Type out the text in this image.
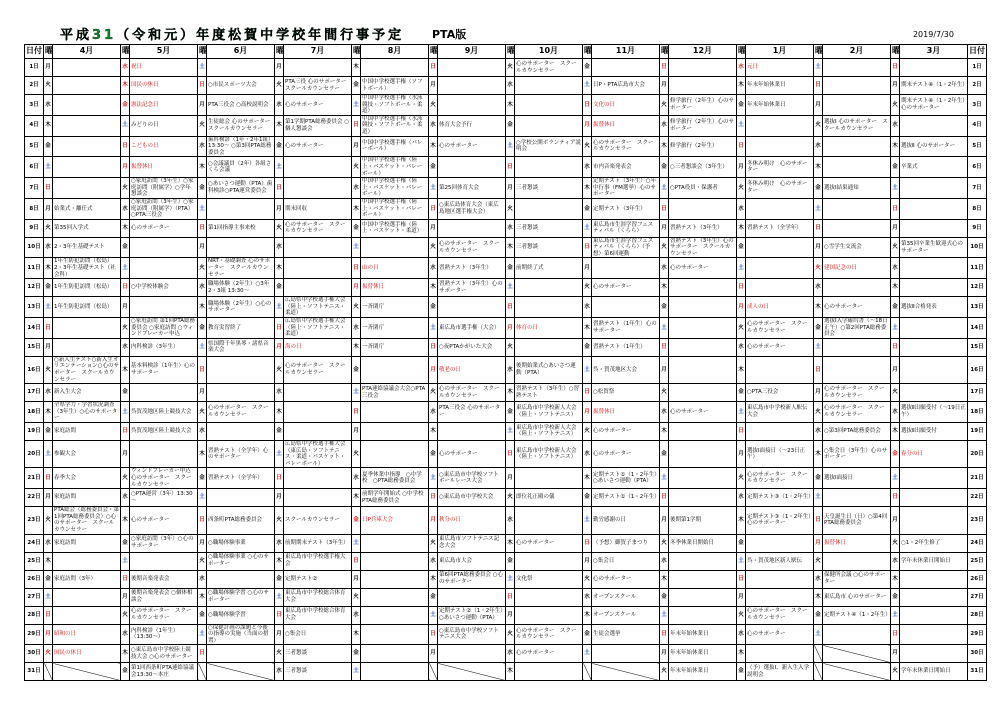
平成31（令和元）年度松賀中学校年間行事予定	PTA版	2019/7/30
日付	曜	4月	曜	5月	曜	6月	曜	7月	曜	8月	曜	9月	曜	10月	曜	11月	曜	12月	曜	1月	曜	2月	曜	3月	日付
1日	月		水	祝日	土		月		木		日		火	心のサポーター　スクールカウンセラー	金		日		水	元日	土		日		1日
2日	火		木	国民の休日	日	○市民スポーツ大会	火	PTA三役 心のサポーター　スクールカウンセラー	金	中国中学校選手権（ソフトボール）	月		水		土	日P・PTA広島市大会	月		木	年末年始休業日	日		月	期末テスト④（1・2年生）	2日
3日	水		金	憲法記念日	月	PTA三役会 ○高校説明会	水	心のサポーター	土	中国中学校選手権（水泳競技・ソフトボール・柔道）	火		木		日	文化の日	火	修学旅行（2年生）心のサポーター	金	年末年始休業日	月		火	期末テスト④（1・2年生）心のサポーター	3日
4日	木		土	みどりの日	火	生徒総会 心のサポーター　スクールカウンセラー	木	第1学期PTA総務委員会 ○個人懇談会	日	中国中学校選手権（水泳競技・ソフトボール・柔道）	水	体育大会予行	金		月	振替休日	水	修学旅行（2年生）心のサポーター	土		火	選抜Ⅰ 心のサポーター　スクールカウンセラー	水		4日
5日	金		日	こどもの日	水	歯科検診（1年・2年1組）13:30～ ○第3回PTA総務委員会	金	心のサポーター	月	中国中学校選手権（バレーボール）	木	心のサポーター	土	○学校公開ボランティア説明会	火	心のサポーター　スクールカウンセラー	木	修学旅行（2年生）	日		水		木	選抜Ⅱ 心のサポーター	5日
6日	土		月	振替休日	木	○会議議員（2年）各組さくら会議	土		火	中国中学校選手権（陸上・バスケット・バレーボール）	金		日		水	市内音楽発表会	金	○三者懇談会（3年生）	月	冬休み明け　心のサポーター	木		金	卒業式	6日
7日	日		火	○家庭訪問（3年生）○家庭訪問（附属学）○学年懇談会	金	○あいさつ運動（PTA）歯科検診○PTA運営委員会	日		水	中国中学校選手権（陸上・バスケット・バレーボール）	土	第25回体育大会	月	三者懇談	木	定期テスト（3年生）○年中行事（FM選挙）心のサポーター	土	○PTA役員・保護者	火	冬休み明け　心のサポーター	金	選抜Ⅰ結果通知	土		7日
8日	月	始業式・離任式	水	○家庭訪問（3年生）○家庭訪問（附属学）（PTA）○PTA三役会	土		月	期末回収	木	中国中学校選手権（陸上・バスケット・バレーボール）	日	○東広島体育大会（東広島地区選手権大会）	火		金	定期テスト（3年生）	日		水		土		日		8日
9日	火	第35回入学式	木	心のサポーター	日	第1回指導主事来校	火	心のサポーター　スクールカウンセラー	金	中国中学校選手権（陸上・バスケット・柔道）	月		水	三者懇談	土	東広島市生涯学習フェスティバル（くらら）	月	習熟テスト（3年生）	木	習熟テスト（全学年）	日		月		9日
10日	水	2・3年生基礎テスト	金		月		水		土		火	心のサポーター　スクールカウンセラー	木	三者懇談	日	東広島市生涯学習フェスティバル（くらら）（予想）第6回運動	火	習熟テスト（3年生）心のサポーター　スクールカウンセラー	金		月	○雪学生交流会	火	第35回卒業生歓迎式心のサポーター	10日
11日	木	1年生防犯訪問（松島）2・3年生基礎テスト（社会科）	土		火	NRT・基礎調査 心のサポーター　スクールカウンセラー	木		日	山の日	水	習熟テスト（3年生）	金	前期終了式	月		水	心のサポーター	土		火	建国記念の日	水		11日
12日	金	1年生防犯訪問（松島）	日	○中学校体験会	水	職場体験（2年生）○3年2・3組 13:30～	金		月	振替休日	木	習熟テスト（3年生）心のサポーター	土		火	心のサポーター	木		日		水		木		12日
13日	土	1年生防犯訪問（松島）	月		木	職場体験（2年生）○心のサポーター	土	広島県中学校選手権大会（陸上・ソフトテニス・柔道）	火	一斉閉庁	金		日		水		金		月	成人の日	木	心のサポーター	金	選抜Ⅱ合格発表	13日
14日	日		火	○家庭訪問 第1回PTA総務委員会 ○家庭訪問 ○ウィンドブレーカー申込	金	教育実習終了	日	広島県中学校選手権大会（陸上・ソフトテニス・柔道）	水	一斉閉庁	土	東広島市選手権（大会）	月	体育の日	木	習熟テスト（1年生）心のサポーター	土		火	心のサポーター　スクールカウンセラー	金	選抜Ⅰ入学確約書（〜18日正午）○第2回PTA総務委員会	土		14日
15日	月		水	内科検診（3年生）	土	県国際千年黒琴・諸県音楽大会	月	海の日	木	一斉閉庁	日	○夜PTAかがいた大会	火		金	習熟テスト（1年生）	日		水	心のサポーター	土		日		15日
16日	火	○新入生テスト○新入生オリエンテーション○心のサポーター　スクールカウンセラー	木	基本料検診（1年生）心のサポーター	日		火	心のサポーター　スクールカウンセラー	金		月	敬老の日	水	後期始業式○あいさつ運動（PTA）	土	呉・賀茂地区大会	月		木		日		月		16日
17日	水	新入生大会	金		月		水		土	PTA連絡協議会大会○PTA三役会	火	心のサポーター　スクールカウンセラー	木	習熟テスト（3年生）○習熟テスト	日	○松賀祭	火		金	○PTA三役会	月	心のサポーター　スクールカウンセラー	火		17日
18日	木	全県学力・学習状況調査（3年生）○心のサポーター	土	呉賀茂地区陸上競技大会	火	心のサポーター　スクールカウンセラー	木		日		水	PTA三役会 心のサポーター	金	東広島市中学校新人大会（陸上・ソフトテニス）	月	振替休日	水	心のサポーター	土	東広島市中学校新人駅伝大会	火	心のサポーター　スクールカウンセラー	水	選抜Ⅱ出願受付（〜19日正午）	18日
19日	金	家庭訪問	日	呉賀茂地区陸上競技大会	水		金		月		木		土	東広島市中学校新人大会（陸上・ソフトテニス）	火	心のサポーター	木		日		水	○第3回PTA総務委員会	木	選抜Ⅱ出願受付	19日
20日	土	参観大会	月		木	習熟テスト（全学年）心のサポーター	土	広島県中学校選手権大会（東広島・ソフトテニス・柔道・バスケット・バレーボール）	火		金	心のサポーター	日	東広島市中学校新人大会（陸上・ソフトテニス）	水	心のサポーター	金		月	選抜Ⅰ面接日（〜23日正午）	木	○集会日（3年生）心のサポーター	金	春分の日	20日
21日	日	春季大会	火	ウィンドブレーカー申込 心のサポーター　スクールカウンセラー	金	習熟テスト（全学年）	日		水	夏季休業中指導　○中学校　○PTA総務委員会	土	○東広島市中学校ソフトボールレース大会	月		木	定期テスト①（1・2年生）○あいさつ運動（PTA）	土		火	心のサポーター　スクールカウンセラー	金	選抜Ⅰ面接日	土		21日
22日	月	家庭訪問	水	○PTA運営（3年）13:30～	土		月		木	前期学年開始式 ○中学校PTA総務委員会	日	○東広島市中学校大会	火	即位礼正殿の儀	金	定期テスト①（1・2年生）	日		水	定期テスト③（1・2年生）	土		日		22日
23日	火	PTA総会（総務委員会・第1回PTA総務委員会）○心のサポーター　スクールカウンセラー	木	心のサポーター	日	西条町PTA総務委員会	火	スクールカウンセラー	金	日P兵庫大会	月	秋分の日	水		土	勤労感謝の日	月	後期第1学期	木	定期テスト③（1・2年生）心のサポーター	日	天皇誕生日（日）○第4回PTA総務委員会	月		23日
24日	水	家庭訪問	金	○家庭訪問（3年）○心のサポーター	月	○職場体験事業	水	前期期末テスト（3年生）	土		火	東広島市ソフトテニス記念大会	木	心のサポーター	日	（予想）御賀子まつり	火	冬季休業日開始日	金		月	振替休日	火	○1・2年生修了	24日
25日	木		土		火	○職場体験事業 ○心のサポーター	木	東広島市中学校選手権大会	日		水	東広島市大会	金		月	○集会日	水		土	呉・賀茂地区新人駅伝	火		水	学年末休業日開始日	25日
26日	金	家庭訪問（3年）	日	後期音楽発表会	水		金	定期テスト②	月		木	第6回PTA総務委員会 ○心のサポーター	土	文化祭	火	心のサポーター	木		日		水	保健所会議 ○心のサポーター	木		26日
27日	土		月	後期音楽発表会 ○個体相談会	木	○職場体験学習 ○心のサポーター	土	東広島市中学校総合体育大会	火		金		日		水	オープンスクール	金		月		木	東広島市 心のサポーター	金		27日
28日	日		火	心のサポーター　スクールカウンセラー	金	○職場体験学習	日	東広島市中学校総合体育大会	水		土	定期テスト②（1・2年生）○あいさつ運動（PTA）	月		木	オープンスクール	土		火	心のサポーター　スクールカウンセラー	金	定期テスト④（1・2年生）	土		28日
29日	月	昭和の日	水	内科検診（1年生）（13:30～）	土	○保健計画の課題と今後の指導の実施（当面の措置）	月	○集会日	木		日	○東広島市中学校ソフトテニス大会	火	心のサポーター　スクールカウンセラー	金	生徒会選挙	日	年末年始休業日	水	心のサポーター	土		日		29日
30日	火	国民の休日	木	○東広島市中学校陸上競技大会 ○心のサポーター	日		火	三者懇談	金		月		水	心のサポーター	土		月	年末年始休業日	木				月		30日
31日			金	第1回西条町PTA連絡協議会13:30～本庄			水	三者懇談	土				木				火	年末年始休業日	金	（予）選抜Ⅰ、新入生入学説明会			火	学年末休業日開始日	31日
